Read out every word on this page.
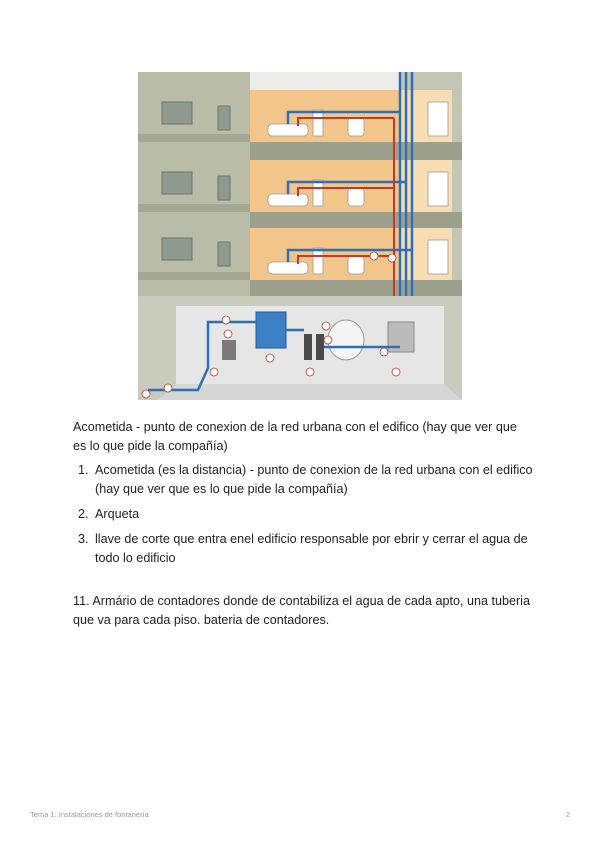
Acometida - punto de conexion de la red urbana con el edifico (hay que ver que es lo que pide la compañía)
1. Acometida (es la distancia) - punto de conexion de la red urbana con el edifico (hay que ver que es lo que pide la compañía)
2. Arqueta
3. llave de corte que entra enel edificio responsable por ebrir y cerrar el agua de todo lo edificio
11. Armário de contadores donde de contabiliza el agua de cada apto, una tuberia que va para cada piso. bateria de contadores.
Tema 1: Instalaciones de fontanería	2
